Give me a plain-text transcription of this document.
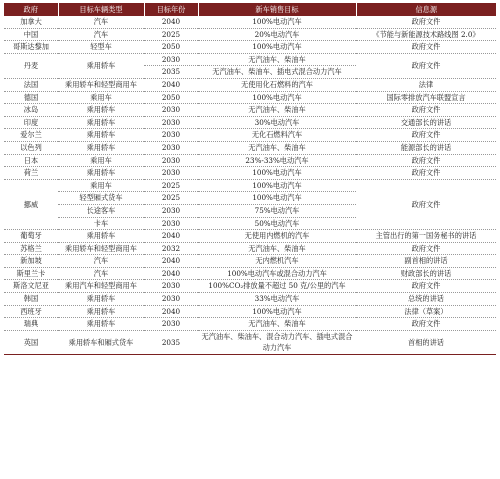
政府	目标车辆类型	目标年份	新车销售目标	信息源
加拿大	汽车	2040	100%电动汽车	政府文件
中国	汽车	2025	20%电动汽车	《节能与新能源技术路线图 2.0》
哥斯达黎加	轻型车	2050	100%电动汽车	政府文件
丹麦	乘用轿车	2030	无汽油车、柴油车	政府文件
		2035	无汽油车、柴油车、插电式混合动力汽车	
法国	乘用轿车和轻型商用车	2040	无使用化石燃料的汽车	法律
德国	乘用车	2050	100%电动汽车	国际零排放汽车联盟宣言
冰岛	乘用轿车	2030	无汽油车、柴油车	政府文件
印度	乘用轿车	2030	30%电动汽车	交通部长的讲话
爱尔兰	乘用轿车	2030	无化石燃料汽车	政府文件
以色列	乘用轿车	2030	无汽油车、柴油车	能源部长的讲话
日本	乘用车	2030	23%-33%电动汽车	政府文件
荷兰	乘用轿车	2030	100%电动汽车	政府文件
挪威	乘用车	2025	100%电动汽车	政府文件
	轻型厢式货车	2025	100%电动汽车	
	长途客车	2030	75%电动汽车	
	卡车	2030	50%电动汽车	
葡萄牙	乘用轿车	2040	无使用内燃机的汽车	主管出行的第一国务秘书的讲话
苏格兰	乘用轿车和轻型商用车	2032	无汽油车、柴油车	政府文件
新加坡	汽车	2040	无内燃机汽车	副首相的讲话
斯里兰卡	汽车	2040	100%电动汽车或混合动力汽车	财政部长的讲话
斯洛文尼亚	乘用汽车和轻型商用车	2030	100%CO₂排放量不超过 50 克/公里的汽车	政府文件
韩国	乘用轿车	2030	33%电动汽车	总统的讲话
西班牙	乘用轿车	2040	100%电动汽车	法律（草案）
瑞典	乘用轿车	2030	无汽油车、柴油车	政府文件
英国	乘用轿车和厢式货车	2035	无汽油车、柴油车、混合动力汽车、插电式混合动力汽车	首相的讲话
